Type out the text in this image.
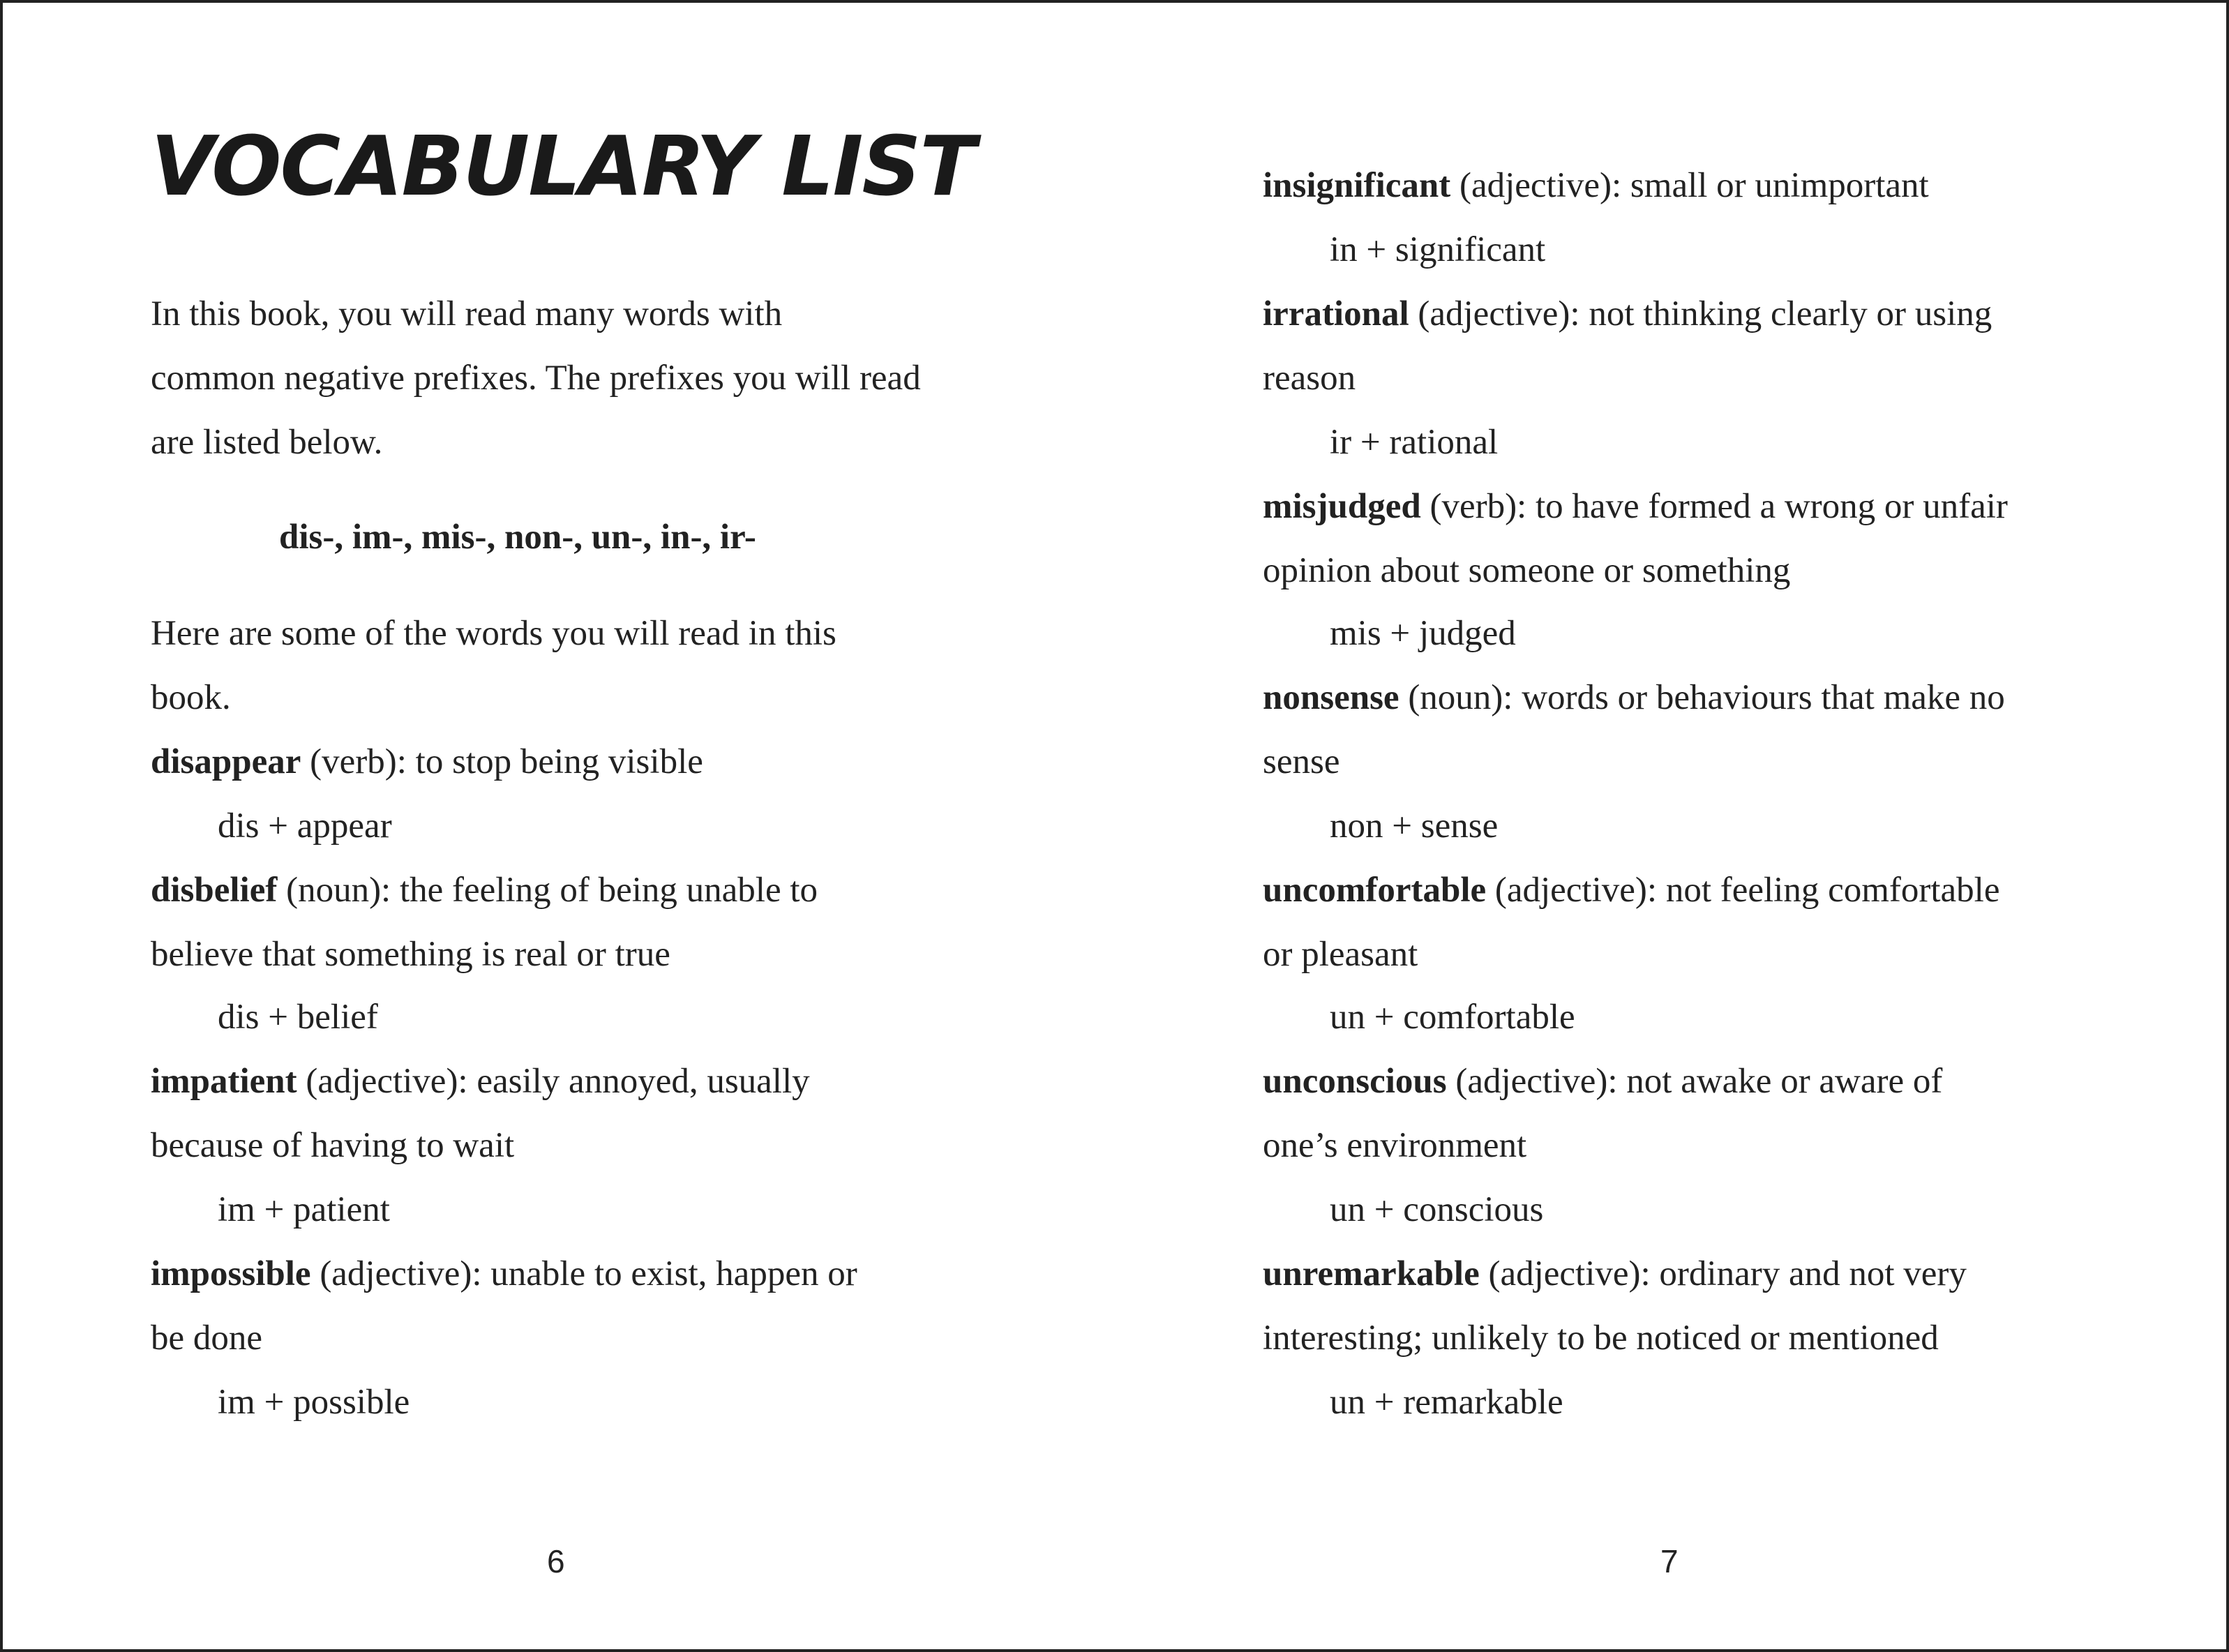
VOCABULARY LIST

In this book, you will read many words with

common negative prefixes. The prefixes you will read

are listed below.

dis-, im-, mis-, non-, un-, in-, ir-

Here are some of the words you will read in this

book.

disappear (verb): to stop being visible

dis + appear

disbelief (noun): the feeling of being unable to

believe that something is real or true

dis + belief

impatient (adjective): easily annoyed, usually

because of having to wait

im + patient

impossible (adjective): unable to exist, happen or

be done

im + possible

6

insignificant (adjective): small or unimportant

in + significant

irrational (adjective): not thinking clearly or using

reason

ir + rational

misjudged (verb): to have formed a wrong or unfair

opinion about someone or something

mis + judged

nonsense (noun): words or behaviours that make no

sense

non + sense

uncomfortable (adjective): not feeling comfortable

or pleasant

un + comfortable

unconscious (adjective): not awake or aware of

one’s environment

un + conscious

unremarkable (adjective): ordinary and not very

interesting; unlikely to be noticed or mentioned

un + remarkable

7
